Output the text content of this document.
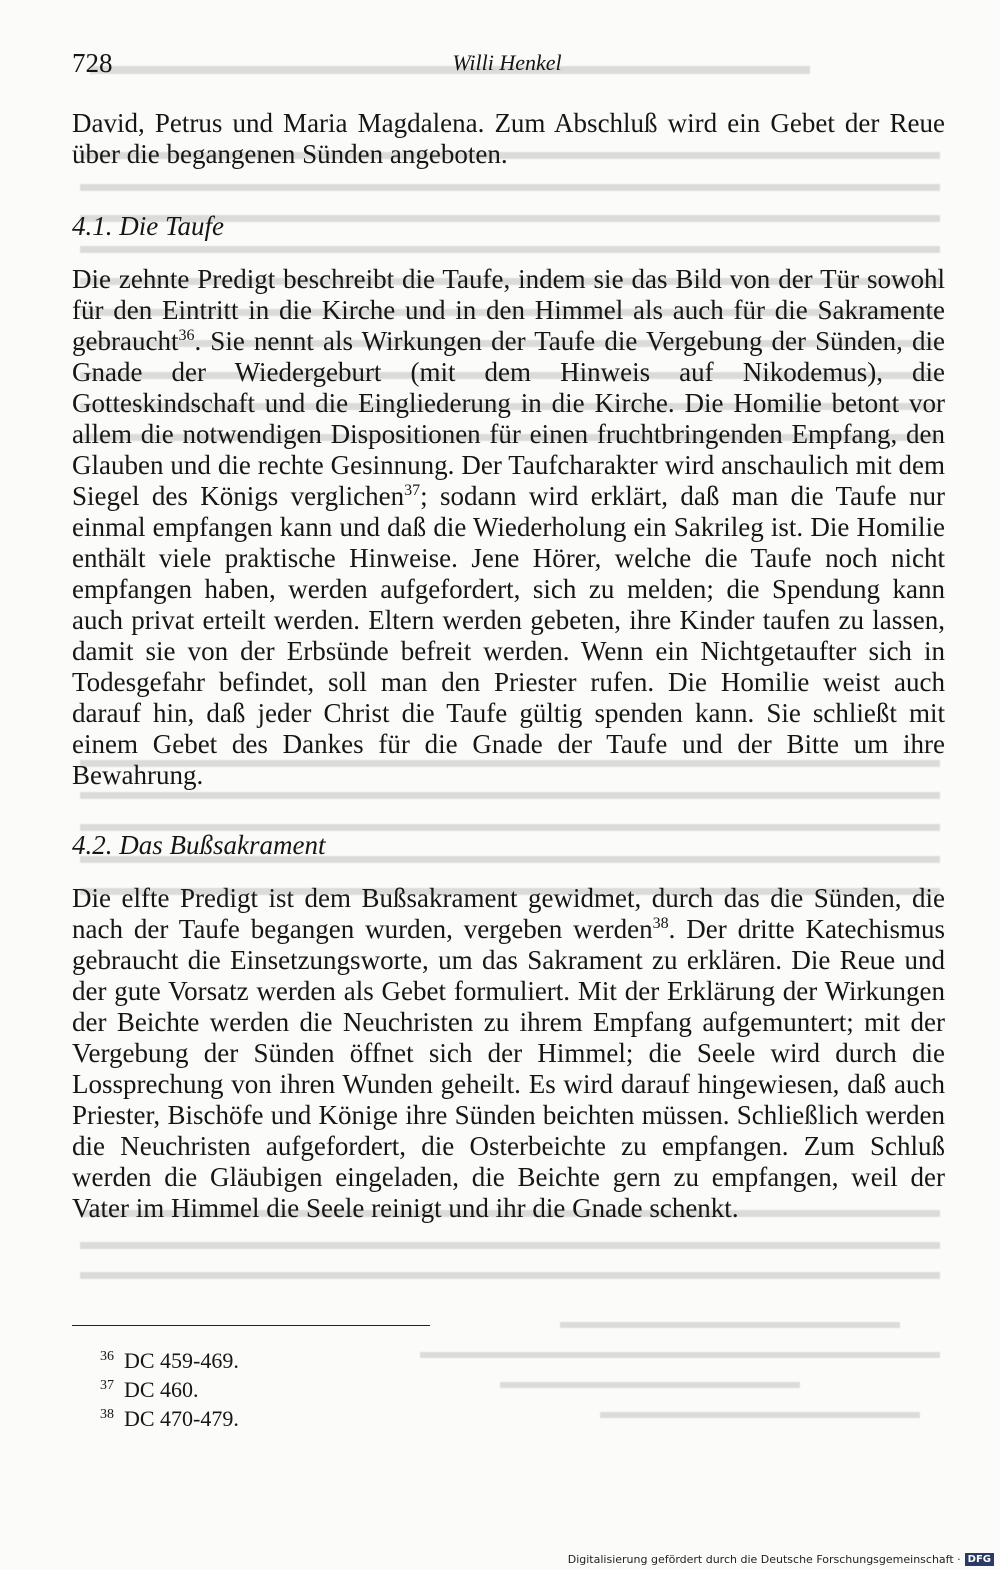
728	Willi Henkel

David, Petrus und Maria Magdalena. Zum Abschluß wird ein Gebet der Reue über die begangenen Sünden angeboten.

4.1. Die Taufe

Die zehnte Predigt beschreibt die Taufe, indem sie das Bild von der Tür sowohl für den Eintritt in die Kirche und in den Himmel als auch für die Sakramente gebraucht$^{36}$. Sie nennt als Wirkungen der Taufe die Vergebung der Sünden, die Gnade der Wiedergeburt (mit dem Hinweis auf Nikodemus), die Gotteskindschaft und die Eingliederung in die Kirche. Die Homilie betont vor allem die notwendigen Dispositionen für einen fruchtbringenden Empfang, den Glauben und die rechte Gesinnung. Der Taufcharakter wird anschaulich mit dem Siegel des Königs verglichen$^{37}$; sodann wird erklärt, daß man die Taufe nur einmal empfangen kann und daß die Wiederholung ein Sakrileg ist. Die Homilie enthält viele praktische Hinweise. Jene Hörer, welche die Taufe noch nicht empfangen haben, werden aufgefordert, sich zu melden; die Spendung kann auch privat erteilt werden. Eltern werden gebeten, ihre Kinder taufen zu lassen, damit sie von der Erbsünde befreit werden. Wenn ein Nichtgetaufter sich in Todesgefahr befindet, soll man den Priester rufen. Die Homilie weist auch darauf hin, daß jeder Christ die Taufe gültig spenden kann. Sie schließt mit einem Gebet des Dankes für die Gnade der Taufe und der Bitte um ihre Bewahrung.

4.2. Das Bußsakrament

Die elfte Predigt ist dem Bußsakrament gewidmet, durch das die Sünden, die nach der Taufe begangen wurden, vergeben werden$^{38}$. Der dritte Katechismus gebraucht die Einsetzungsworte, um das Sakrament zu erklären. Die Reue und der gute Vorsatz werden als Gebet formuliert. Mit der Erklärung der Wirkungen der Beichte werden die Neuchristen zu ihrem Empfang aufgemuntert; mit der Vergebung der Sünden öffnet sich der Himmel; die Seele wird durch die Lossprechung von ihren Wunden geheilt. Es wird darauf hingewiesen, daß auch Priester, Bischöfe und Könige ihre Sünden beichten müssen. Schließlich werden die Neuchristen aufgefordert, die Osterbeichte zu empfangen. Zum Schluß werden die Gläubigen eingeladen, die Beichte gern zu empfangen, weil der Vater im Himmel die Seele reinigt und ihr die Gnade schenkt.

$^{36}$ DC 459-469.
$^{37}$ DC 460.
$^{38}$ DC 470-479.
Digitalisierung gefördert durch die Deutsche Forschungsgemeinschaft · DFG
